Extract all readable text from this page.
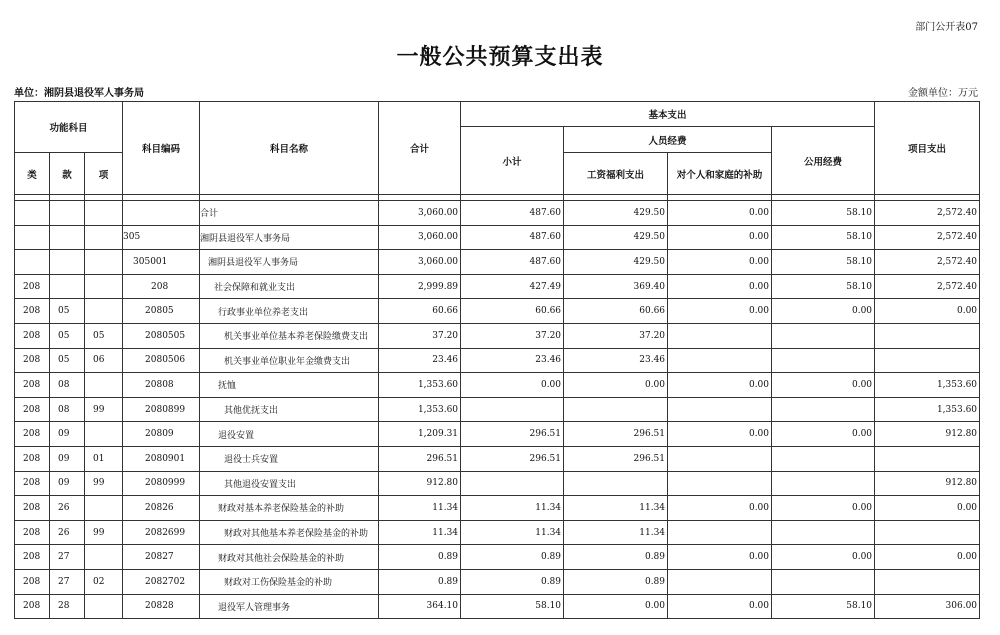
部门公开表07
一般公共预算支出表
单位：湘阴县退役军人事务局	金额单位：万元
功能科目			科目编码	科目名称	合计	基本支出				项目支出
						小计	人员经费		公用经费	
类	款	项					工资福利支出	对个人和家庭的补助		

				合计	3,060.00	487.60	429.50	0.00	58.10	2,572.40
			305	湘阴县退役军人事务局	3,060.00	487.60	429.50	0.00	58.10	2,572.40
			305001	湘阴县退役军人事务局	3,060.00	487.60	429.50	0.00	58.10	2,572.40
208			208	社会保障和就业支出	2,999.89	427.49	369.40	0.00	58.10	2,572.40
208	05		20805	行政事业单位养老支出	60.66	60.66	60.66	0.00	0.00	0.00
208	05	05	2080505	机关事业单位基本养老保险缴费支出	37.20	37.20	37.20			
208	05	06	2080506	机关事业单位职业年金缴费支出	23.46	23.46	23.46			
208	08		20808	抚恤	1,353.60	0.00	0.00	0.00	0.00	1,353.60
208	08	99	2080899	其他优抚支出	1,353.60					1,353.60
208	09		20809	退役安置	1,209.31	296.51	296.51	0.00	0.00	912.80
208	09	01	2080901	退役士兵安置	296.51	296.51	296.51			
208	09	99	2080999	其他退役安置支出	912.80					912.80
208	26		20826	财政对基本养老保险基金的补助	11.34	11.34	11.34	0.00	0.00	0.00
208	26	99	2082699	财政对其他基本养老保险基金的补助	11.34	11.34	11.34			
208	27		20827	财政对其他社会保险基金的补助	0.89	0.89	0.89	0.00	0.00	0.00
208	27	02	2082702	财政对工伤保险基金的补助	0.89	0.89	0.89			
208	28		20828	退役军人管理事务	364.10	58.10	0.00	0.00	58.10	306.00
